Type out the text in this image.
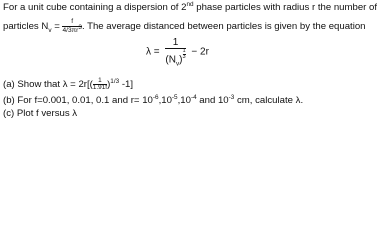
For a unit cube containing a dispersion of 2nd phase particles with radius r the number of
particles $N_v = \frac{f}{4/3\pi r^3}$ . The average distanced between particles is given by the equation
$\lambda = \frac{1}{(N_v) \frac{1}{3}} - 2r$
(a) Show that $\lambda = 2r[( \frac{1}{1.91f} )^{1/3}$ -1]
(b) For f=0.001, 0.01, 0.1 and $r= 10^{-6},10^{-5},10^{-4}$ and $10^{-3}$ cm, calculate λ.
(c) Plot f versus λ
